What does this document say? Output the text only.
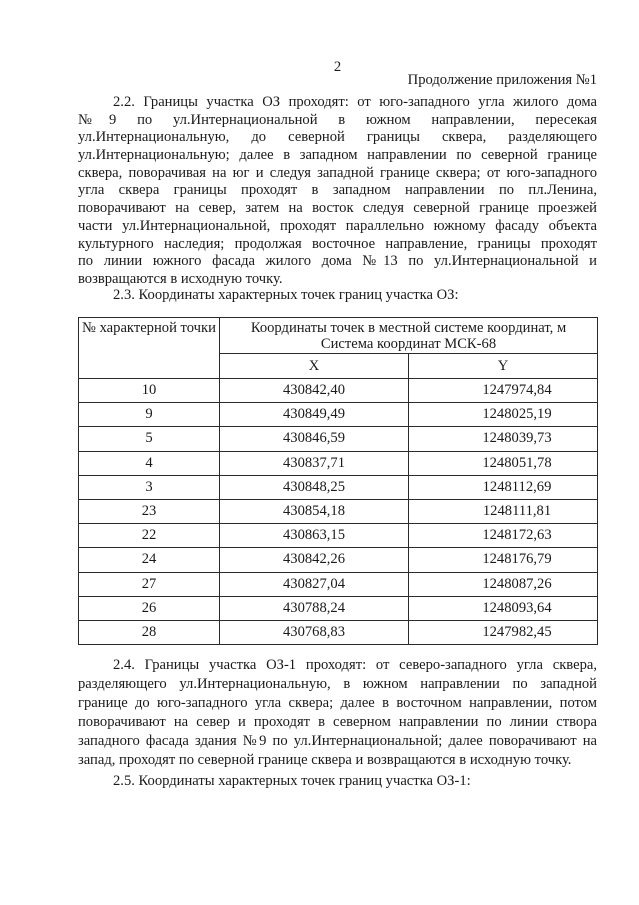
2
Продолжение приложения №1
2.2. Границы участка ОЗ проходят: от юго-западного угла жилого дома
№9 по ул.Интернациональной в южном направлении, пересекая
ул.Интернациональную, до северной границы сквера, разделяющего
ул.Интернациональную; далее в западном направлении по северной границе
сквера, поворачивая на юг и следуя западной границе сквера; от юго-западного
угла сквера границы проходят в западном направлении по пл.Ленина,
поворачивают на север, затем на восток следуя северной границе проезжей
части ул.Интернациональной, проходят параллельно южному фасаду объекта
культурного наследия; продолжая восточное направление, границы проходят
по линии южного фасада жилого дома №13 по ул.Интернациональной и
возвращаются в исходную точку.
2.3. Координаты характерных точек границ участка ОЗ:
№ характерной точки	Координаты точек в местной системе координат, м
Система координат МСК-68	

	X	Y
10	430842,40	1247974,84
9	430849,49	1248025,19
5	430846,59	1248039,73
4	430837,71	1248051,78
3	430848,25	1248112,69
23	430854,18	1248111,81
22	430863,15	1248172,63
24	430842,26	1248176,79
27	430827,04	1248087,26
26	430788,24	1248093,64
28	430768,83	1247982,45
2.4. Границы участка ОЗ-1 проходят: от северо-западного угла сквера,
разделяющего ул.Интернациональную, в южном направлении по западной
границе до юго-западного угла сквера; далее в восточном направлении, потом
поворачивают на север и проходят в северном направлении по линии створа
западного фасада здания №9 по ул.Интернациональной; далее поворачивают на
запад, проходят по северной границе сквера и возвращаются в исходную точку.
2.5. Координаты характерных точек границ участка ОЗ-1:
